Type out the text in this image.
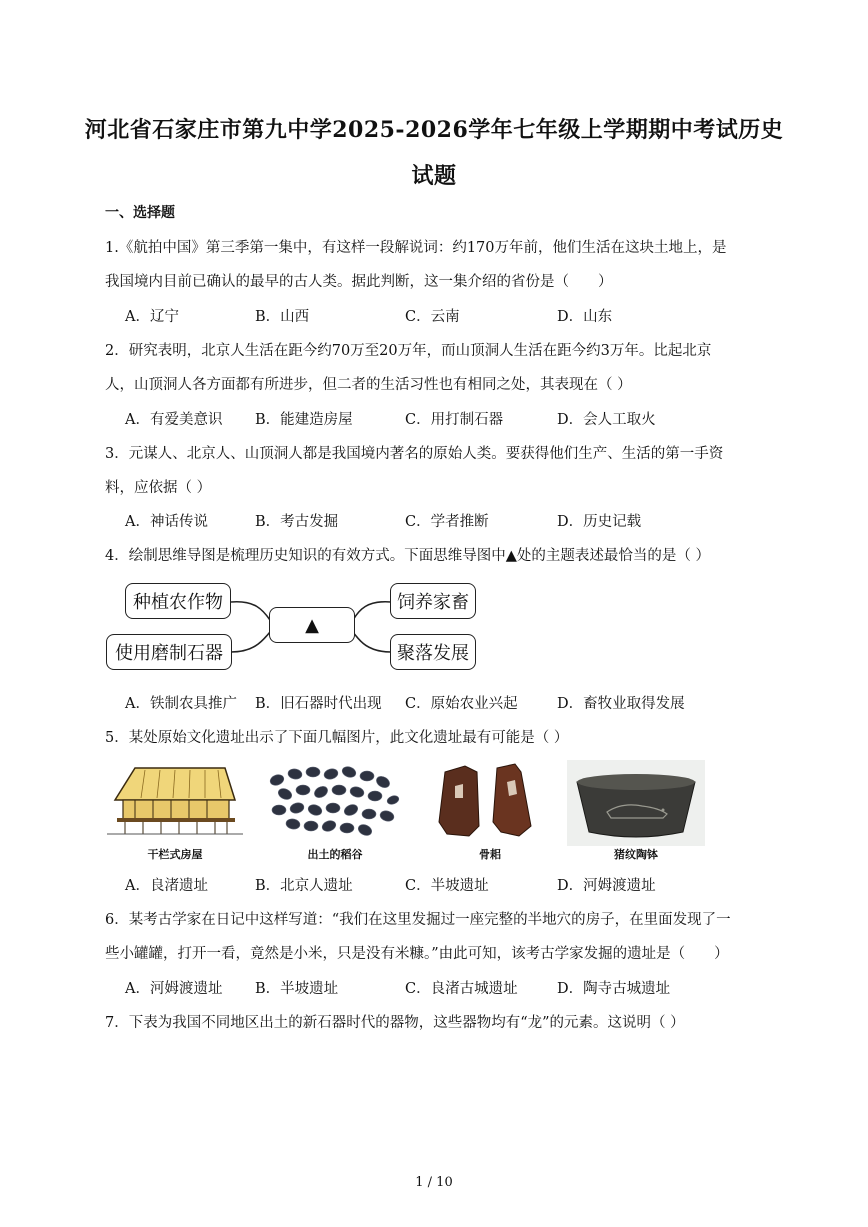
河北省石家庄市第九中学2025-2026学年七年级上学期期中考试历史
试题
一、选择题
1.《航拍中国》第三季第一集中，有这样一段解说词：约170万年前，他们生活在这块土地上，是
我国境内目前已确认的最早的古人类。据此判断，这一集介绍的省份是（　　）
A．辽宁	B．山西	C．云南	D．山东
2．研究表明，北京人生活在距今约70万至20万年，而山顶洞人生活在距今约3万年。比起北京
人，山顶洞人各方面都有所进步，但二者的生活习性也有相同之处，其表现在（ ）
A．有爱美意识 B．能建造房屋	C．用打制石器	D．会人工取火
3．元谋人、北京人、山顶洞人都是我国境内著名的原始人类。要获得他们生产、生活的第一手资
料，应依据（ ）
A．神话传说	B．考古发掘	C．学者推断	D．历史记载
4．绘制思维导图是梳理历史知识的有效方式。下面思维导图中▲处的主题表述最恰当的是（ ）
种植农作物
使用磨制石器
▲
饲养家畜
聚落发展
A．铁制农具推广 B．旧石器时代出现 C．原始农业兴起	D．畜牧业取得发展
5．某处原始文化遗址出示了下面几幅图片，此文化遗址最有可能是（ ）
干栏式房屋	出土的稻谷	骨耜	猪纹陶钵
A．良渚遗址	B．北京人遗址	C．半坡遗址	D．河姆渡遗址
6．某考古学家在日记中这样写道：“我们在这里发掘过一座完整的半地穴的房子，在里面发现了一
些小罐罐，打开一看，竟然是小米，只是没有米糠。”由此可知，该考古学家发掘的遗址是（　　）
A．河姆渡遗址 B．半坡遗址	C．良渚古城遗址	D．陶寺古城遗址
7．下表为我国不同地区出土的新石器时代的器物，这些器物均有“龙”的元素。这说明（ ）
1 / 10
